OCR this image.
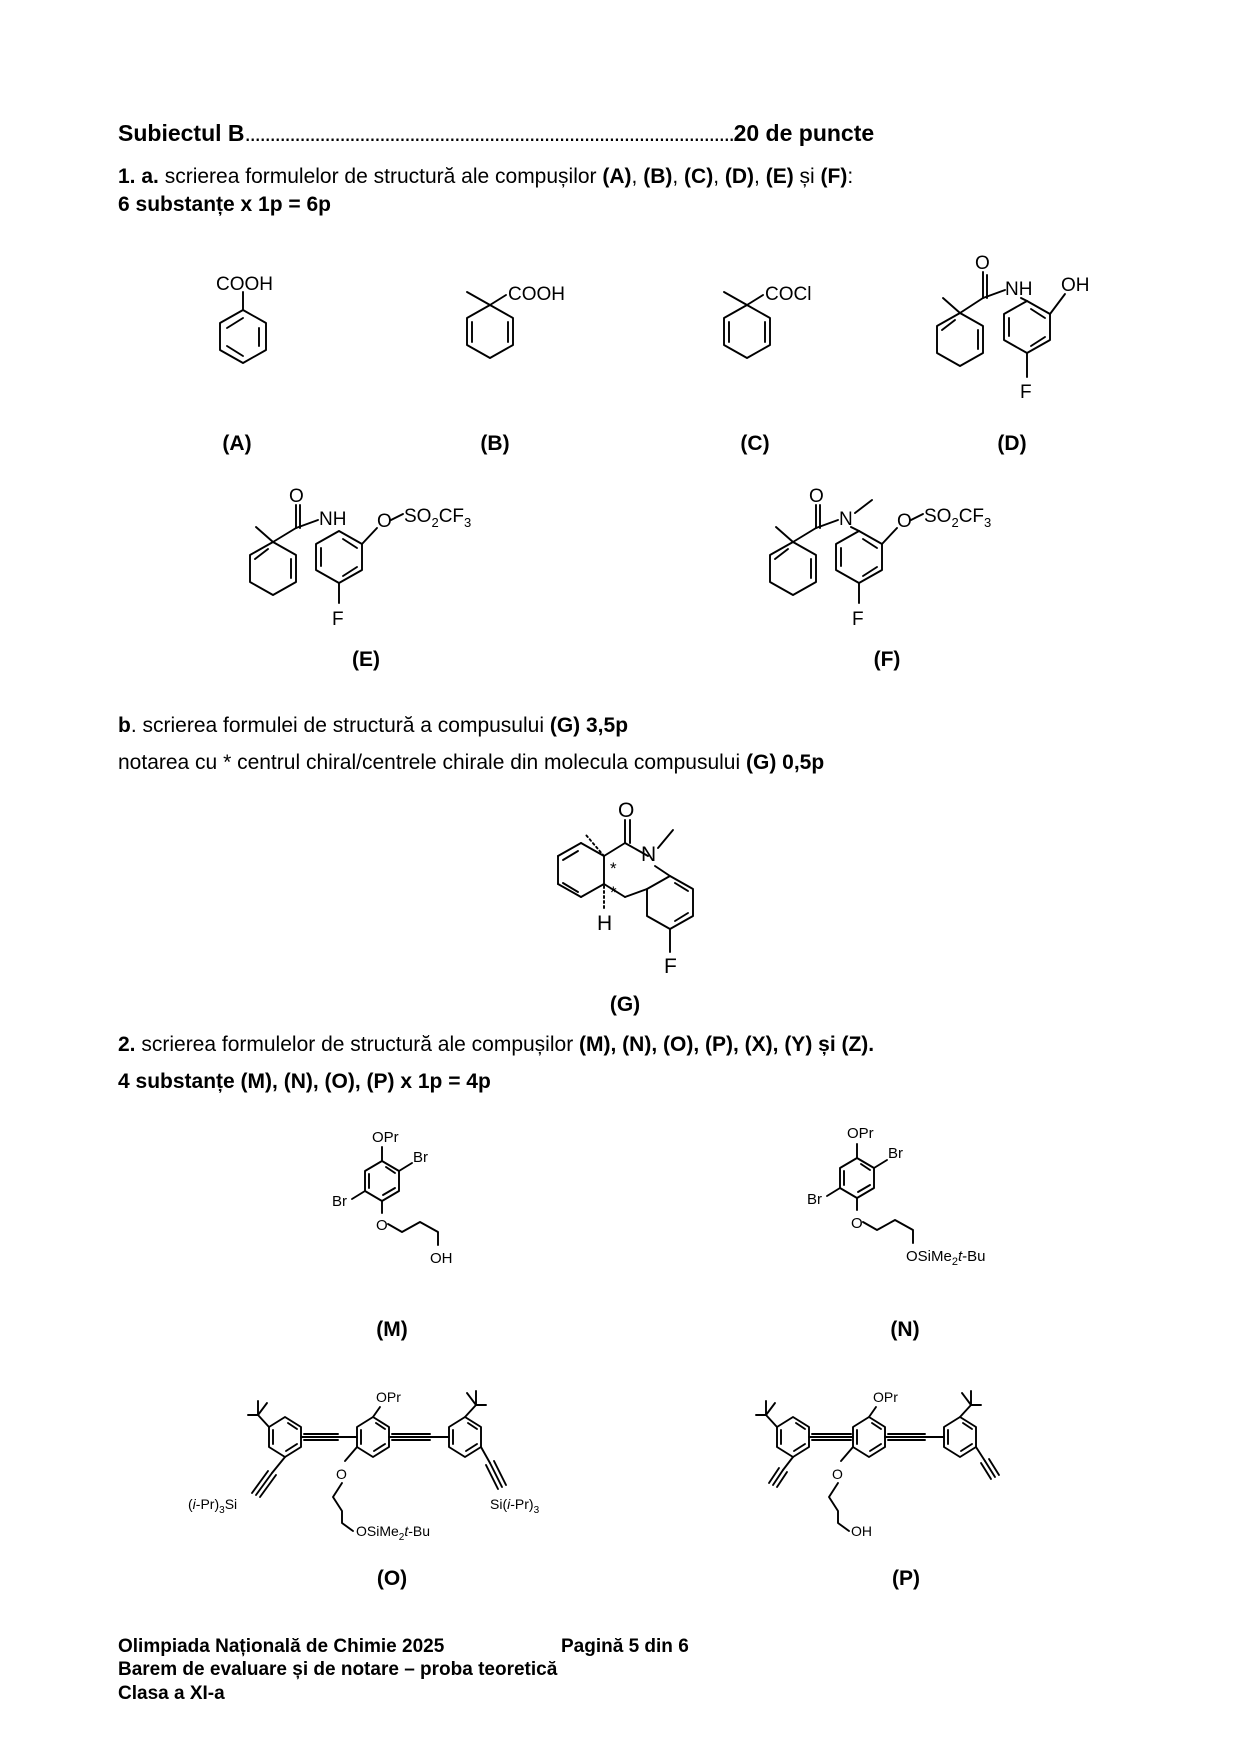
Subiectul B..................................................................................................20 de puncte
1. a. scrierea formulelor de structură ale compușilor (A), (B), (C), (D), (E) și (F):
6 substanțe x 1p = 6p
COOH
(A)
COOH
(B)
COCl
(C)
O
NH OH
F
(D)
O
NH O $SO_2CF_3$
F
(E)
O
N O $SO_2CF_3$
F
(F)
b. scrierea formulei de structură a compusului (G) 3,5p
notarea cu * centrul chiral/centrele chirale din molecula compusului (G) 0,5p
O
N
F
*
*
H
(G)
2. scrierea formulelor de structură ale compușilor (M), (N), (O), (P), (X), (Y) și (Z).
4 substanțe (M), (N), (O), (P) x 1p = 4p
OPr
Br
Br
O
OH
(M)
OPr
Br
Br
O
OSiMe$_2$t-Bu
(N)
$(i-Pr)_3Si$
OPr
O
OSiMe$_2$t-Bu
$Si(i-Pr)_3$
(O)
OPr
O
OH
(P)
Olimpiada Națională de Chimie 2025	Pagină 5 din 6
Barem de evaluare și de notare – proba teoretică
Clasa a XI-a
